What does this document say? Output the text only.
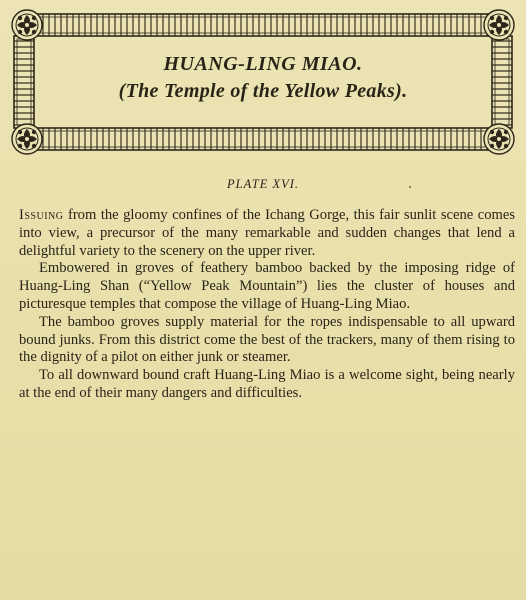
HUANG-LING MIAO.
(The Temple of the Yellow Peaks).
PLATE XVI.

Issuing from the gloomy confines of the Ichang Gorge, this fair sunlit scene comes into view, a precursor of the many remarkable and sudden changes that lend a delightful variety to the scenery on the upper river.

Embowered in groves of feathery bamboo backed by the imposing ridge of Huang-Ling Shan (“Yellow Peak Mountain”) lies the cluster of houses and picturesque temples that compose the village of Huang-Ling Miao.

The bamboo groves supply material for the ropes indispensable to all upward bound junks. From this district come the best of the trackers, many of them rising to the dignity of a pilot on either junk or steamer.

To all downward bound craft Huang-Ling Miao is a welcome sight, being nearly at the end of their many dangers and difficulties.
